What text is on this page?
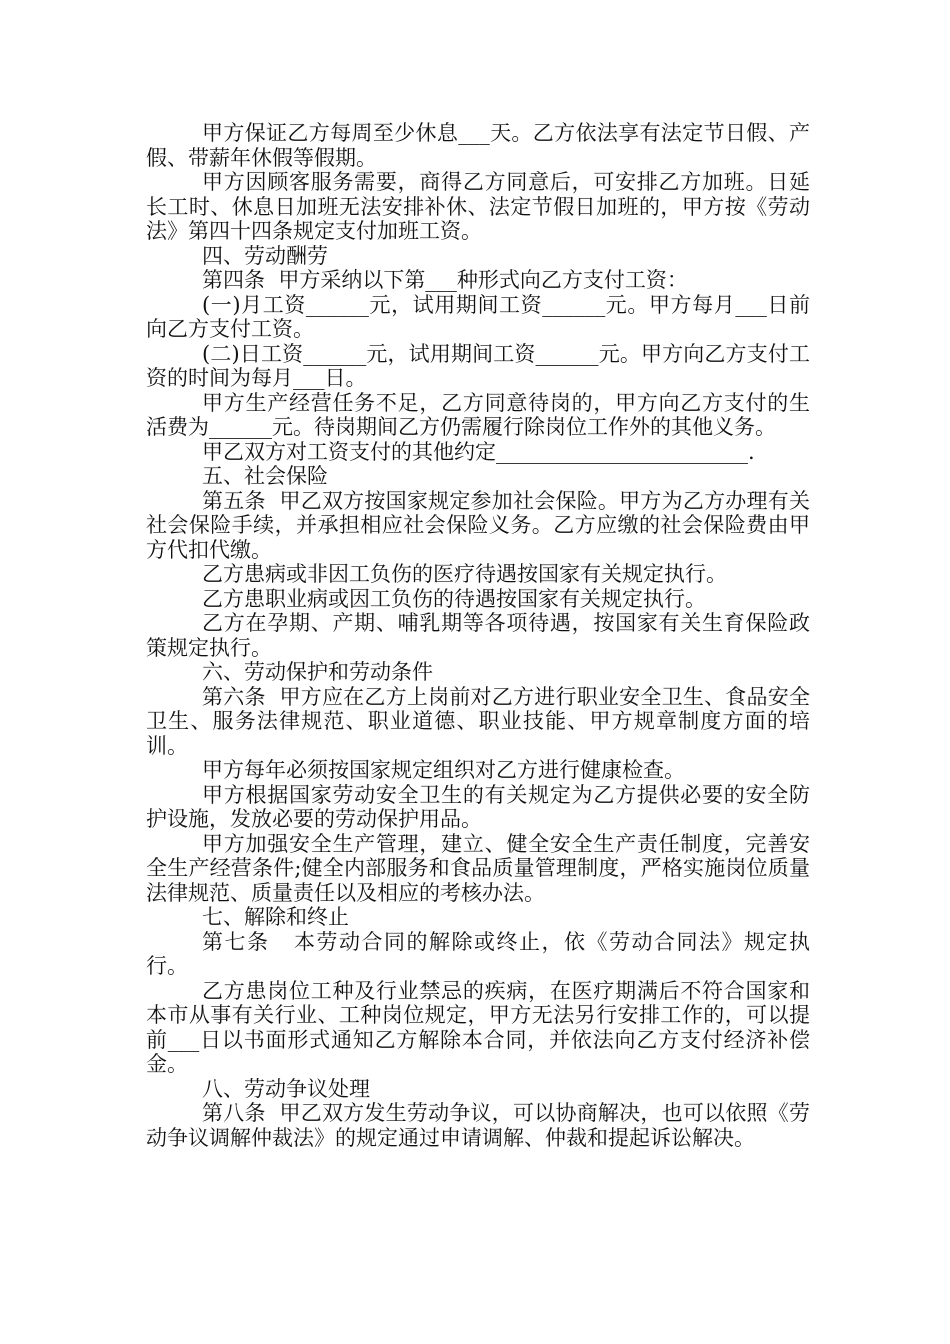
甲方保证乙方每周至少休息___天。乙方依法享有法定节日假、产假、带薪年休假等假期。

甲方因顾客服务需要，商得乙方同意后，可安排乙方加班。日延长工时、休息日加班无法安排补休、法定节假日加班的，甲方按《劳动法》第四十四条规定支付加班工资。

四、劳动酬劳

第四条  甲方采纳以下第___种形式向乙方支付工资：

(一)月工资______元，试用期间工资______元。甲方每月___日前向乙方支付工资。

(二)日工资______元，试用期间工资______元。甲方向乙方支付工资的时间为每月___日。

甲方生产经营任务不足，乙方同意待岗的，甲方向乙方支付的生活费为______元。待岗期间乙方仍需履行除岗位工作外的其他义务。

甲乙双方对工资支付的其他约定________________________.

五、社会保险

第五条  甲乙双方按国家规定参加社会保险。甲方为乙方办理有关社会保险手续，并承担相应社会保险义务。乙方应缴的社会保险费由甲方代扣代缴。

乙方患病或非因工负伤的医疗待遇按国家有关规定执行。

乙方患职业病或因工负伤的待遇按国家有关规定执行。

乙方在孕期、产期、哺乳期等各项待遇，按国家有关生育保险政策规定执行。

六、劳动保护和劳动条件

第六条  甲方应在乙方上岗前对乙方进行职业安全卫生、食品安全卫生、服务法律规范、职业道德、职业技能、甲方规章制度方面的培训。

甲方每年必须按国家规定组织对乙方进行健康检查。

甲方根据国家劳动安全卫生的有关规定为乙方提供必要的安全防护设施，发放必要的劳动保护用品。

甲方加强安全生产管理，建立、健全安全生产责任制度，完善安全生产经营条件;健全内部服务和食品质量管理制度，严格实施岗位质量法律规范、质量责任以及相应的考核办法。

七、解除和终止

第七条   本劳动合同的解除或终止，依《劳动合同法》规定执行。

乙方患岗位工种及行业禁忌的疾病，在医疗期满后不符合国家和本市从事有关行业、工种岗位规定，甲方无法另行安排工作的，可以提前___日以书面形式通知乙方解除本合同，并依法向乙方支付经济补偿金。

八、劳动争议处理

第八条  甲乙双方发生劳动争议，可以协商解决，也可以依照《劳动争议调解仲裁法》的规定通过申请调解、仲裁和提起诉讼解决。
